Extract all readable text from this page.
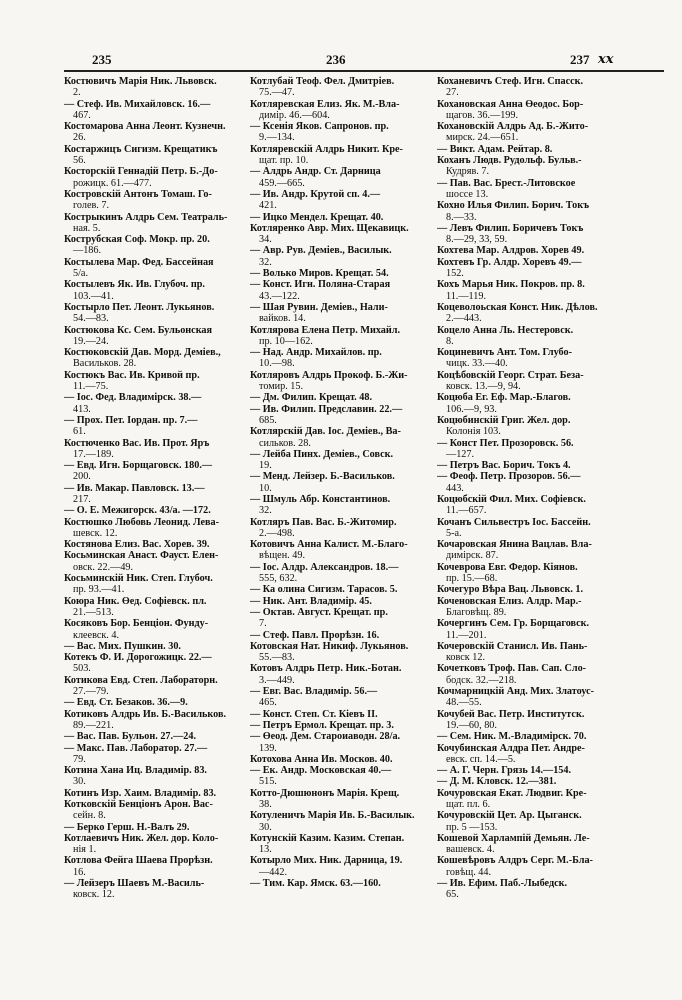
235	236	237 ⅹⅹ
Костювичъ Марія Ник. Львовск.
2.
— Стеф. Ив. Михайловск. 16.—
467.
Костомарова Анна Леонт. Кузнечн.
26.
Костаржицъ Сигизм. Крещатикъ
56.
Косторскій Геннадій Петр. Б.-До-
рожицк. 61.—477.
Костровскій Антонъ Томаш. Го-
голев. 7.
Кострыкинъ Алдрь Сем. Театраль-
ная. 5.
Кострубская Соф. Мокр. пр. 20.
—186.
Костылева Мар. Фед. Бассейная
5/а.
Костылевъ Як. Ив. Глубоч. пр.
103.—41.
Костырло Пет. Леонт. Лукьянов.
54.—83.
Костюкова Кс. Сем. Бульонская
19.—24.
Костюковскій Дав. Морд. Деміев.,
Васильков. 28.
Костюкъ Вас. Ив. Кривой пр.
11.—75.
— Іос. Фед. Владимірск. 38.—
413.
— Прох. Пет. Іордан. пр. 7.—
61.
Костюченко Вас. Ив. Прот. Яръ
17.—189.
— Евд. Игн. Борщаговск. 180.—
200.
— Ив. Макар. Павловск. 13.—
217.
— О. Е. Межигорск. 43/а. —172.
Костюшко Любовь Леонид. Лева-
шевск. 12.
Костянова Елиз. Вас. Хорев. 39.
Косьминская Анаст. Фауст. Елен-
овск. 22.—49.
Косьминскій Ник. Степ. Глубоч.
пр. 93.—41.
Коюра Ник. Өед. Софіевск. пл.
21.—513.
Косяковъ Бор. Бенціон. Фунду-
клеевск. 4.
— Вас. Мих. Пушкин. 30.
Котекъ Ф. И. Дорогожицк. 22.—
503.
Котикова Евд. Степ. Лабораторн.
27.—79.
— Евд. Ст. Безаков. 36.—9.
Котиковъ Алдрь Ив. Б.-Васильков.
89.—221.
— Вас. Пав. Бульон. 27.—24.
— Макс. Пав. Лаборатор. 27.—
79.
Котина Хана Иц. Владимір. 83.
30.
Котинъ Изр. Хаим. Владимір. 83.
Котковскій Бенціонъ Арон. Вас-
сейн. 8.
— Берко Герш. Н.-Валъ 29.
Котлаевичъ Ник. Жел. дор. Коло-
нія 1.
Котлова Фейга Шаева Прорѣзн.
16.
— Лейзеръ Шаевъ М.-Василь-
ковск. 12.
Котлубай Теоф. Фел. Дмитріев.
75.—47.
Котляревская Елиз. Як. М.-Вла-
димір. 46.—604.
— Ксенія Яков. Сапронов. пр.
9.—134.
Котляревскій Алдрь Никит. Кре-
щат. пр. 10.
— Алдрь Андр. Ст. Дарница
459.—665.
— Ив. Андр. Крутой сп. 4.—
421.
— Ицко Мендел. Крещат. 40.
Котляренко Авр. Мих. Щекавицк.
34.
— Авр. Рув. Деміев., Василык.
32.
— Волько Миров. Крещат. 54.
— Конст. Игн. Поляна-Старая
43.—122.
— Шая Рувин. Деміев., Нали-
вайков. 14.
Котлярова Елена Петр. Михайл.
пр. 10—162.
— Над. Андр. Михайлов. пр.
10.—98.
Котляровъ Алдрь Прокоф. Б.-Жи-
томир. 15.
— Дм. Филип. Крещат. 48.
— Ив. Филип. Предславин. 22.—
685.
Котлярскій Дав. Іос. Деміев., Ва-
сильков. 28.
— Лейба Пинх. Деміев., Совск.
19.
— Менд. Лейзер. Б.-Васильков.
10.
— Шмуль Абр. Константинов.
32.
Котляръ Пав. Вас. Б.-Житомир.
2.—498.
Котовичъ Анна Калист. М.-Благо-
вѣщен. 49.
— Іос. Алдр. Александров. 18.—
555, 632.
— Ка олина Сигизм. Тарасов. 5.
— Ник. Ант. Владимір. 45.
— Октав. Август. Крещат. пр.
7.
— Стеф. Павл. Прорѣзн. 16.
Котовская Нат. Никиф. Лукьянов.
55.—83.
Котовъ Алдрь Петр. Ник.-Ботан.
3.—449.
— Евг. Вас. Владимір. 56.—
465.
— Конст. Степ. Ст. Кіевъ II.
— Петръ Ермол. Крещат. пр. 3.
— Өеод. Дем. Староиаводн. 28/а.
139.
Котохова Анна Ив. Москов. 40.
— Ек. Андр. Московская 40.—
515.
Котто-Дюшюнонъ Марія. Крещ.
38.
Котуленичъ Марія Ив. Б.-Василык.
30.
Котунскій Казим. Казим. Степан.
13.
Котырло Мих. Ник. Дарница, 19.
—442.
— Тим. Кар. Ямск. 63.—160.
Коханевичъ Стеф. Игн. Спасск.
27.
Кохановская Анна Өеодос. Бор-
щагов. 36.—199.
Кохановскій Алдрь Ад. Б.-Жито-
мирск. 24.—651.
— Викт. Адам. Рейтар. 8.
Коханъ Людв. Рудольф. Бульв.-
Кудряв. 7.
— Пав. Вас. Брест.-Литовское
шоссе 13.
Кохно Илья Филип. Борич. Токъ
8.—33.
— Левъ Филип. Боричевъ Токъ
8.—29, 33, 59.
Кохтева Мар. Алдров. Хорев 49.
Кохтевъ Гр. Алдр. Хоревъ 49.—
152.
Кохъ Марья Ник. Покров. пр. 8.
11.—119.
Коцеволоьская Конст. Ник. Дѣлов.
2.—443.
Коцело Анна Ль. Нестеровск.
8.
Коциневичъ Ант. Том. Глубо-
чицк. 33.—40.
Коцѣбовскій Георг. Страт. Беза-
ковск. 13.—9, 94.
Коцюба Ег. Еф. Мар.-Благов.
106.—9, 93.
Коцюбинскій Григ. Жел. дор.
Колонія 103.
— Конст Пет. Прозоровск. 56.
—127.
— Петръ Вас. Борич. Токъ 4.
— Феоф. Петр. Прозоров. 56.—
443.
Коцюбскій Фил. Мих. Софіевск.
11.—657.
Кочанъ Сильвестръ Іос. Бассейн.
5-а.
Кочаровская Янина Вацлав. Вла-
димірск. 87.
Кочеврова Евг. Федор. Кіянов.
пр. 15.—68.
Кочегуро Вѣра Вац. Львовск. 1.
Коченовская Елиз. Алдр. Мар.-
Благовѣщ. 89.
Кочергинъ Сем. Гр. Борщаговск.
11.—201.
Кочеровскій Станисл. Ив. Пань-
ковск 12.
Кочетковъ Троф. Пав. Сап. Сло-
бодск. 32.—218.
Кочмарницкій Анд. Мих. Златоус-
48.—55.
Кочубей Вас. Петр. Институтск.
19.—60, 80.
— Сем. Ник. М.-Владимірск. 70.
Кочубинская Алдра Пет. Андре-
евск. сп. 14.—5.
— А. Г. Черн. Грязь 14.—154.
— Д. М. Кловск. 12.—381.
Кочуровская Екат. Людвиг. Кре-
щат. пл. 6.
Кочуровскій Цет. Ар. Цыганск.
пр. 5 —153.
Кошевой Харлампій Демьян. Ле-
вашевск. 4.
Кошевѣровъ Алдръ Серг. М.-Бла-
говѣщ. 44.
— Ив. Ефим. Паб.-Лыбедск.
65.
